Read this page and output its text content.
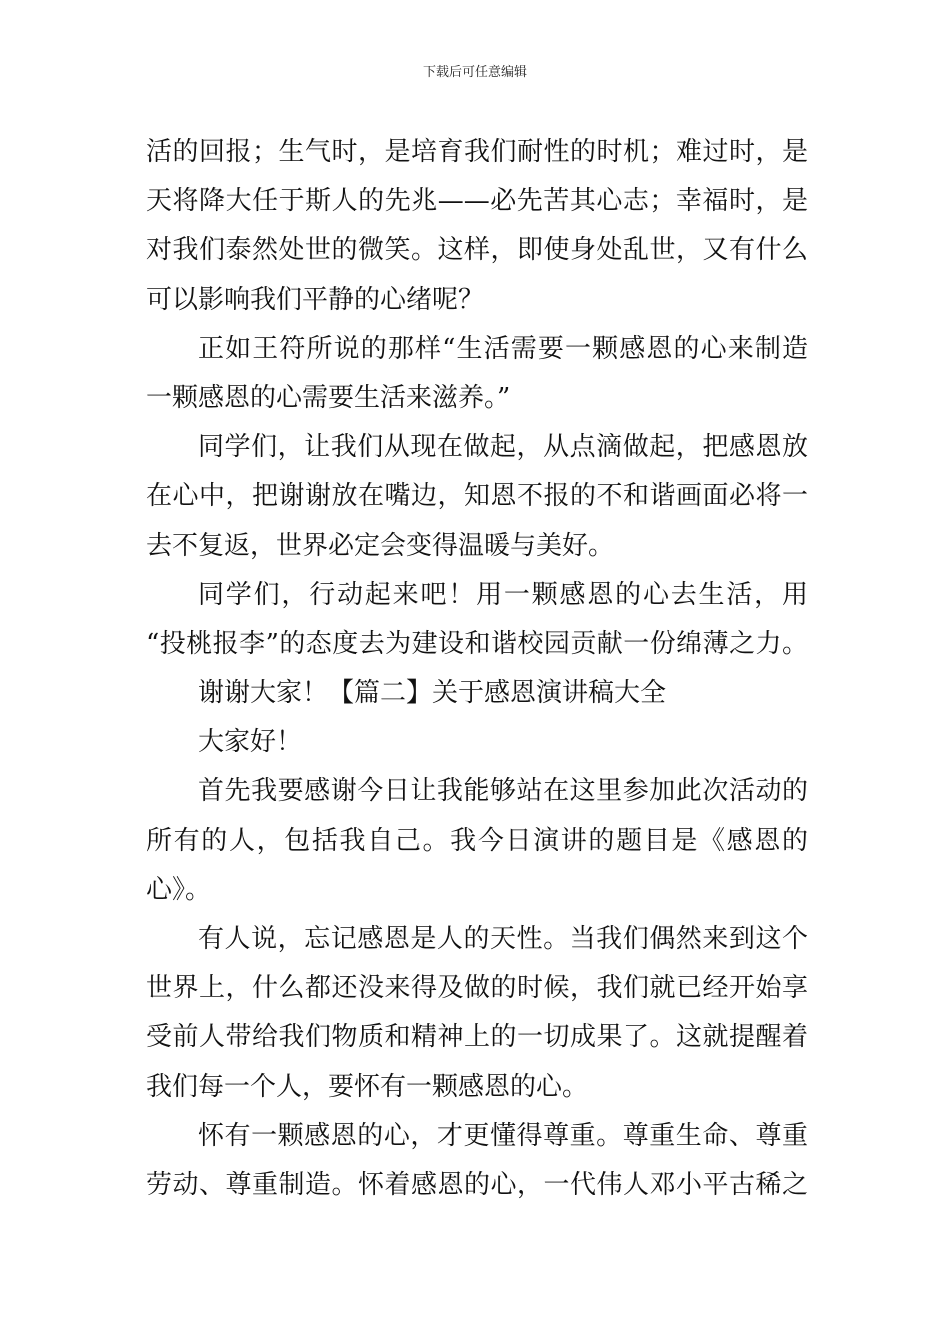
下载后可任意编辑
活的回报；生气时，是培育我们耐性的时机；难过时，是
天将降大任于斯人的先兆——必先苦其心志；幸福时，是
对我们泰然处世的微笑。这样，即使身处乱世，又有什么
可以影响我们平静的心绪呢？
正如王符所说的那样“生活需要一颗感恩的心来制造
一颗感恩的心需要生活来滋养。”
同学们，让我们从现在做起，从点滴做起，把感恩放
在心中，把谢谢放在嘴边，知恩不报的不和谐画面必将一
去不复返，世界必定会变得温暖与美好。
同学们，行动起来吧！用一颗感恩的心去生活，用
“投桃报李”的态度去为建设和谐校园贡献一份绵薄之力。
谢谢大家！【篇二】关于感恩演讲稿大全
大家好！
首先我要感谢今日让我能够站在这里参加此次活动的
所有的人，包括我自己。我今日演讲的题目是《感恩的
心》。
有人说，忘记感恩是人的天性。当我们偶然来到这个
世界上，什么都还没来得及做的时候，我们就已经开始享
受前人带给我们物质和精神上的一切成果了。这就提醒着
我们每一个人，要怀有一颗感恩的心。
怀有一颗感恩的心，才更懂得尊重。尊重生命、尊重
劳动、尊重制造。怀着感恩的心，一代伟人邓小平古稀之
